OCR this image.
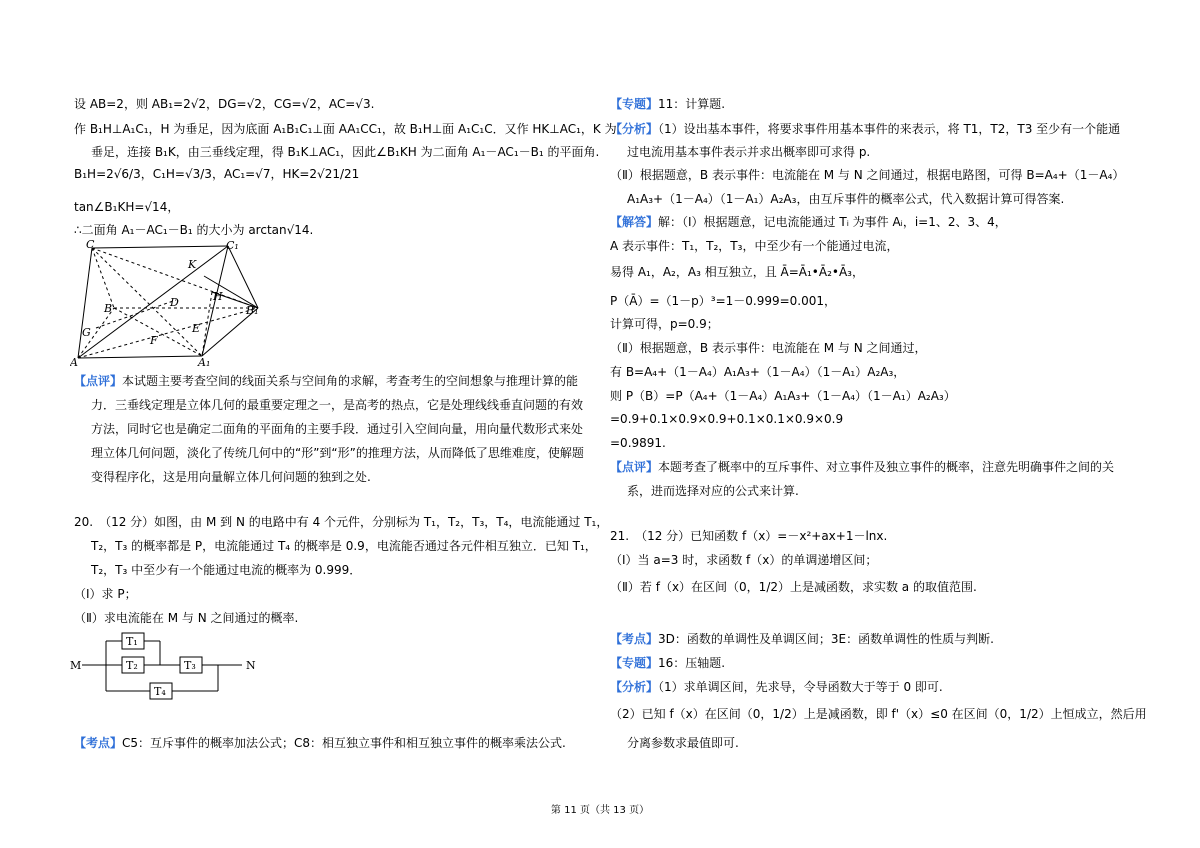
设 AB=2，则 AB₁=2√2，DG=√2，CG=√2，AC=√3.
作 B₁H⊥A₁C₁，H 为垂足，因为底面 A₁B₁C₁⊥面 AA₁CC₁，故 B₁H⊥面 A₁C₁C．又作 HK⊥AC₁，K 为
垂足，连接 B₁K，由三垂线定理，得 B₁K⊥AC₁，因此∠B₁KH 为二面角 A₁－AC₁－B₁ 的平面角.
B₁H=2√6/3，C₁H=√3/3，AC₁=√7，HK=2√21/21
tan∠B₁KH=√14，
∴二面角 A₁－AC₁－B₁ 的大小为 arctan√14.
C	C₁
K
H
B	D
B₁
G	E
F
A	A₁
【点评】本试题主要考查空间的线面关系与空间角的求解，考查考生的空间想象与推理计算的能
力．三垂线定理是立体几何的最重要定理之一，是高考的热点，它是处理线线垂直问题的有效
方法，同时它也是确定二面角的平面角的主要手段．通过引入空间向量，用向量代数形式来处
理立体几何问题，淡化了传统几何中的“形”到“形”的推理方法，从而降低了思维难度，使解题
变得程序化，这是用向量解立体几何问题的独到之处.
20.　（12 分）如图，由 M 到 N 的电路中有 4 个元件，分别标为 T₁，T₂，T₃，T₄，电流能通过 T₁，
T₂，T₃ 的概率都是 P，电流能通过 T₄ 的概率是 0.9，电流能否通过各元件相互独立．已知 T₁，
T₂，T₃ 中至少有一个能通过电流的概率为 0.999．
（Ⅰ）求 P；
（Ⅱ）求电流能在 M 与 N 之间通过的概率.
M	N
T₁
T₂	T₃
T₄
【考点】C5：互斥事件的概率加法公式；C8：相互独立事件和相互独立事件的概率乘法公式.
【专题】11：计算题.
【分析】（1）设出基本事件，将要求事件用基本事件的来表示，将 T1，T2，T3 至少有一个能通
过电流用基本事件表示并求出概率即可求得 p.
（Ⅱ）根据题意，B 表示事件：电流能在 M 与 N 之间通过，根据电路图，可得 B=A₄+（1－A₄）
A₁A₃+（1－A₄）（1－A₁）A₂A₃，由互斥事件的概率公式，代入数据计算可得答案.
【解答】解：（Ⅰ）根据题意，记电流能通过 Tᵢ 为事件 Aᵢ，i=1、2、3、4，
A 表示事件：T₁，T₂，T₃，中至少有一个能通过电流，
易得 A₁，A₂，A₃ 相互独立，且 Ā=Ā₁•Ā₂•Ā₃，
P（Ā）=（1－p）³=1－0.999=0.001，
计算可得，p=0.9；
（Ⅱ）根据题意，B 表示事件：电流能在 M 与 N 之间通过，
有 B=A₄+（1－A₄）A₁A₃+（1－A₄）（1－A₁）A₂A₃，
则 P（B）=P（A₄+（1－A₄）A₁A₃+（1－A₄）（1－A₁）A₂A₃）
=0.9+0.1×0.9×0.9+0.1×0.1×0.9×0.9
=0.9891.
【点评】本题考查了概率中的互斥事件、对立事件及独立事件的概率，注意先明确事件之间的关
系，进而选择对应的公式来计算.
21.　（12 分）已知函数 f（x）=－x²+ax+1－lnx.
（Ⅰ）当 a=3 时，求函数 f（x）的单调递增区间；
（Ⅱ）若 f（x）在区间（0，1/2）上是减函数，求实数 a 的取值范围.
【考点】3D：函数的单调性及单调区间；3E：函数单调性的性质与判断.
【专题】16：压轴题.
【分析】（1）求单调区间，先求导，令导函数大于等于 0 即可.
（2）已知 f（x）在区间（0，1/2）上是减函数，即 f'（x）≤0 在区间（0，1/2）上恒成立，然后用
分离参数求最值即可.
第 11 页（共 13 页）
